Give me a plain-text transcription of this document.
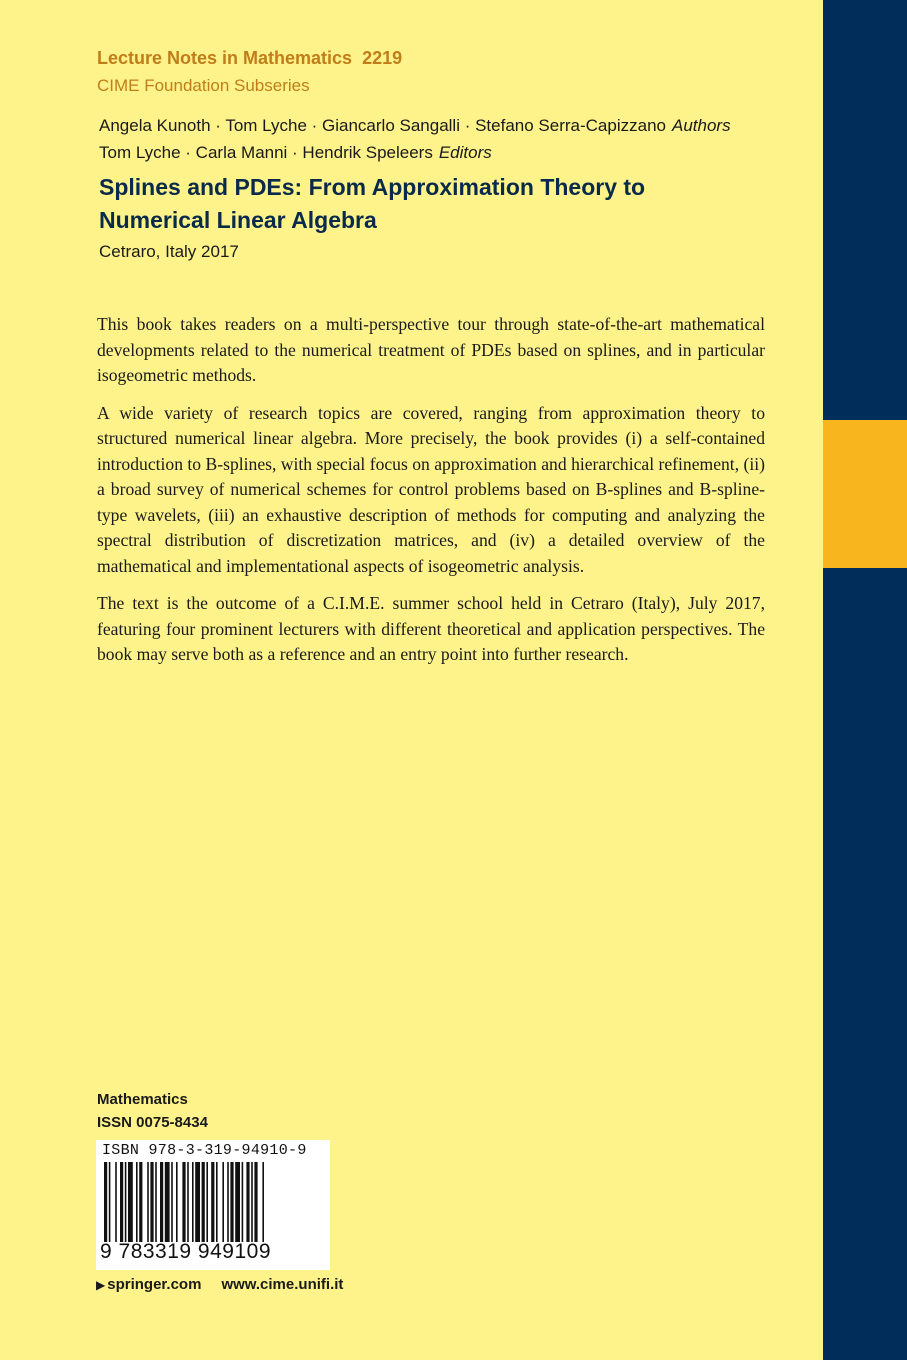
Lecture Notes in Mathematics 2219
CIME Foundation Subseries
Angela Kunoth · Tom Lyche · Giancarlo Sangalli · Stefano Serra-Capizzano Authors
Tom Lyche · Carla Manni · Hendrik Speleers Editors
Splines and PDEs: From Approximation Theory to Numerical Linear Algebra
Cetraro, Italy 2017

This book takes readers on a multi-perspective tour through state-of-the-art mathematical developments related to the numerical treatment of PDEs based on splines, and in particular isogeometric methods.

A wide variety of research topics are covered, ranging from approximation theory to structured numerical linear algebra. More precisely, the book provides (i) a self-contained introduction to B-splines, with special focus on approximation and hierarchical refinement, (ii) a broad survey of numerical schemes for control problems based on B-splines and B-spline-type wavelets, (iii) an exhaustive description of methods for computing and analyzing the spectral distribution of discretization matrices, and (iv) a detailed overview of the mathematical and implementational aspects of isogeometric analysis.

The text is the outcome of a C.I.M.E. summer school held in Cetraro (Italy), July 2017, featuring four prominent lecturers with different theoretical and application perspectives. The book may serve both as a reference and an entry point into further research.

Mathematics
ISSN 0075-8434
ISBN 978-3-319-94910-9
9 783319 949109
▶ springer.com www.cime.unifi.it
